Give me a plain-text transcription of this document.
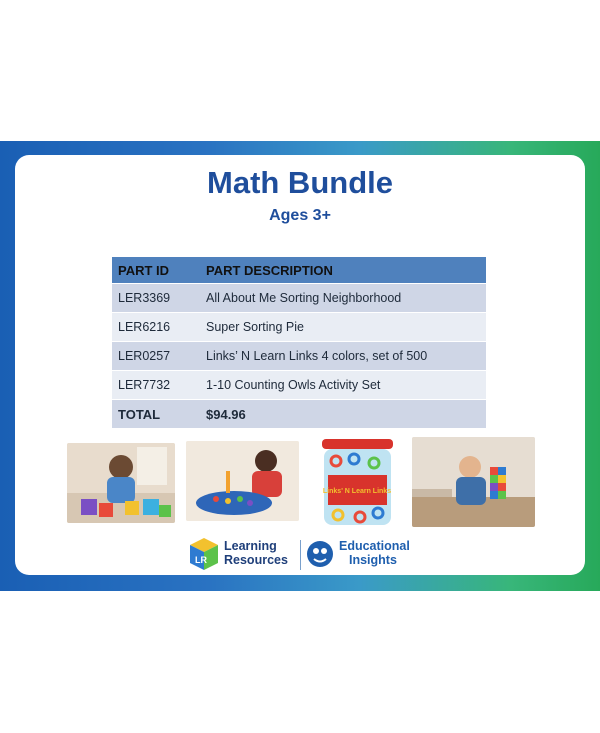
Math Bundle
Ages 3+
PART ID	PART DESCRIPTION
LER3369	All About Me Sorting Neighborhood
LER6216	Super Sorting Pie
LER0257	Links’ N Learn Links 4 colors, set of 500
LER7732	1-10 Counting Owls Activity Set
TOTAL	$94.96
Links' N Learn Links
LR
Learning
Resources
Educational
Insights
